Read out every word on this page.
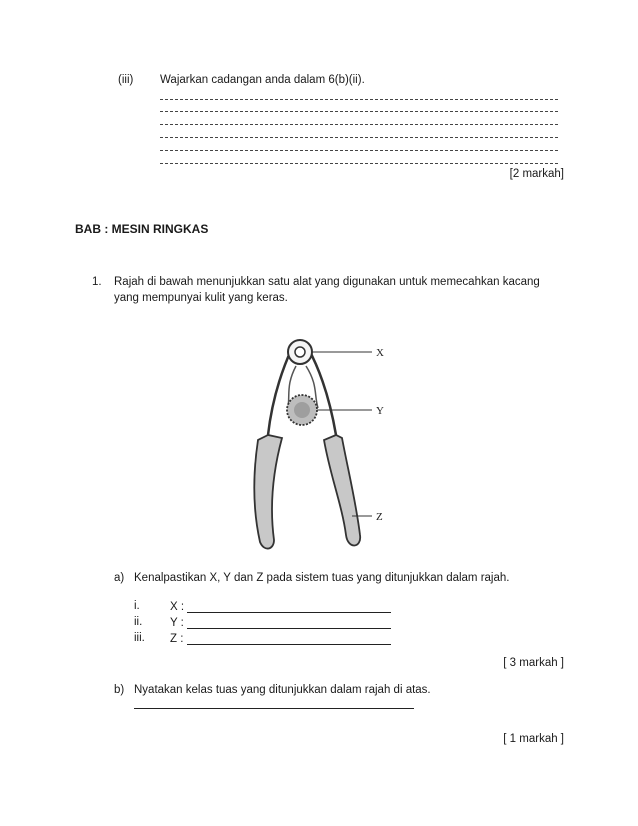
(iii) Wajarkan cadangan anda dalam 6(b)(ii).
[2 markah]
BAB : MESIN RINGKAS
1. Rajah di bawah menunjukkan satu alat yang digunakan untuk memecahkan kacang
yang mempunyai kulit yang keras.
X
Y
Z
a) Kenalpastikan X, Y dan Z pada sistem tuas yang ditunjukkan dalam rajah.
i.	X :
ii. Y :
iii. Z :
[ 3 markah ]
b) Nyatakan kelas tuas yang ditunjukkan dalam rajah di atas.
[ 1 markah ]
